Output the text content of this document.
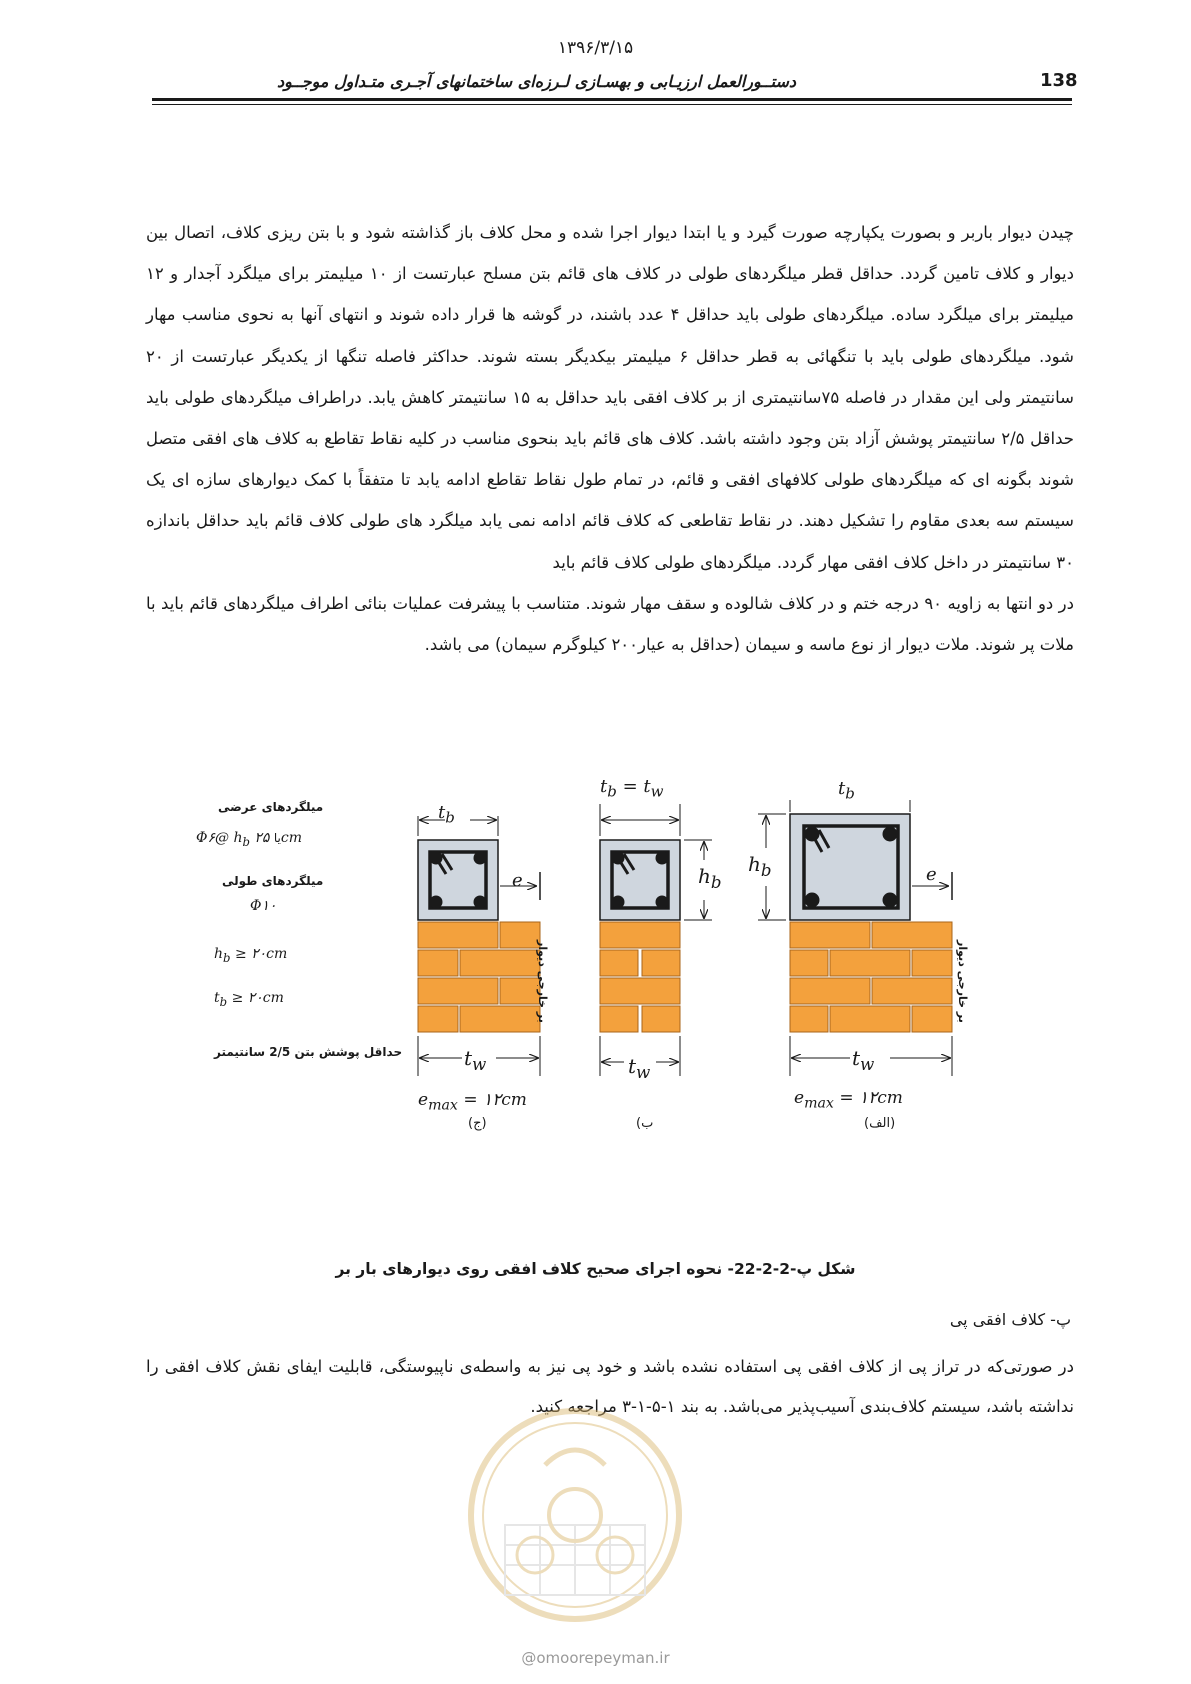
۱۳۹۶/۳/۱۵
دستــورالعمل ارزیـابی و بهسـازی لـرزه‌ای ساختمانهای آجـری متـداول موجــود	138

چیدن دیوار باربر و بصورت یکپارچه صورت گیرد و یا ابتدا دیوار اجرا شده و محل کلاف باز گذاشته شود و با بتن ریزی کلاف، اتصال بین دیوار و کلاف تامین گردد. حداقل قطر میلگردهای طولی در کلاف های قائم بتن مسلح عبارتست از ۱۰ میلیمتر برای میلگرد آجدار و ۱۲ میلیمتر برای میلگرد ساده. میلگردهای طولی باید حداقل ۴ عدد باشند، در گوشه ها قرار داده شوند و انتهای آنها به نحوی مناسب مهار شود. میلگردهای طولی باید با تنگهائی به قطر حداقل ۶ میلیمتر بیکدیگر بسته شوند. حداکثر فاصله تنگها از یکدیگر عبارتست از ۲۰ سانتیمتر ولی این مقدار در فاصله ۷۵سانتیمتری از بر کلاف افقی باید حداقل به ۱۵ سانتیمتر کاهش یابد. دراطراف میلگردهای طولی باید حداقل ۲/۵ سانتیمتر پوشش آزاد بتن وجود داشته باشد. کلاف های قائم باید بنحوی مناسب در کلیه نقاط تقاطع به کلاف های افقی متصل شوند بگونه ای که میلگردهای طولی کلافهای افقی و قائم، در تمام طول نقاط تقاطع ادامه یابد تا متفقاً با کمک دیوارهای سازه ای یک سیستم سه بعدی مقاوم را تشکیل دهند. در نقاط تقاطعی که کلاف قائم ادامه نمی یابد میلگرد های طولی کلاف قائم باید حداقل باندازه ۳۰ سانتیمتر در داخل کلاف افقی مهار گردد. میلگردهای طولی کلاف قائم باید

در دو انتها به زاویه ۹۰ درجه ختم و در کلاف شالوده و سقف مهار شوند. متناسب با پیشرفت عملیات بنائی اطراف میلگردهای قائم باید با ملات پر شوند. ملات دیوار از نوع ماسه و سیمان (حداقل به عیار۲۰۰ کیلوگرم سیمان) می باشد.

میلگردهای عرضی
Φ۶@ $h_b$ یا ۲۵cm
میلگردهای طولی
Φ۱۰
$h_b$ ≥ ۲۰cm
$t_b$ ≥ ۲۰cm
حداقل پوشش بتن 2/5 سانتیمتر
$t_b$
e
$t_w$
$e_{max}$ = ۱۲cm
(ج)
بر خارجی دیوار
$t_b = t_w$
$h_b$
$t_w$
(ب
$t_b$
$h_b$	e
$t_w$
$e_{max}$ = ۱۲cm
(الف)
بر خارجی دیوار
شکل پ-2-2-22- نحوه اجرای صحیح کلاف افقی روی دیوارهای بار بر
پ- کلاف افقی پی
در صورتی‌که در تراز پی از کلاف افقی پی استفاده نشده باشد و خود پی نیز به واسطه‌ی ناپیوستگی، قابلیت ایفای نقش کلاف افقی را نداشته باشد، سیستم کلاف‌بندی آسیب‌پذیر می‌باشد. به بند ۱-۵-۱-۳ مراجعه کنید.
@omoorepeyman.ir
